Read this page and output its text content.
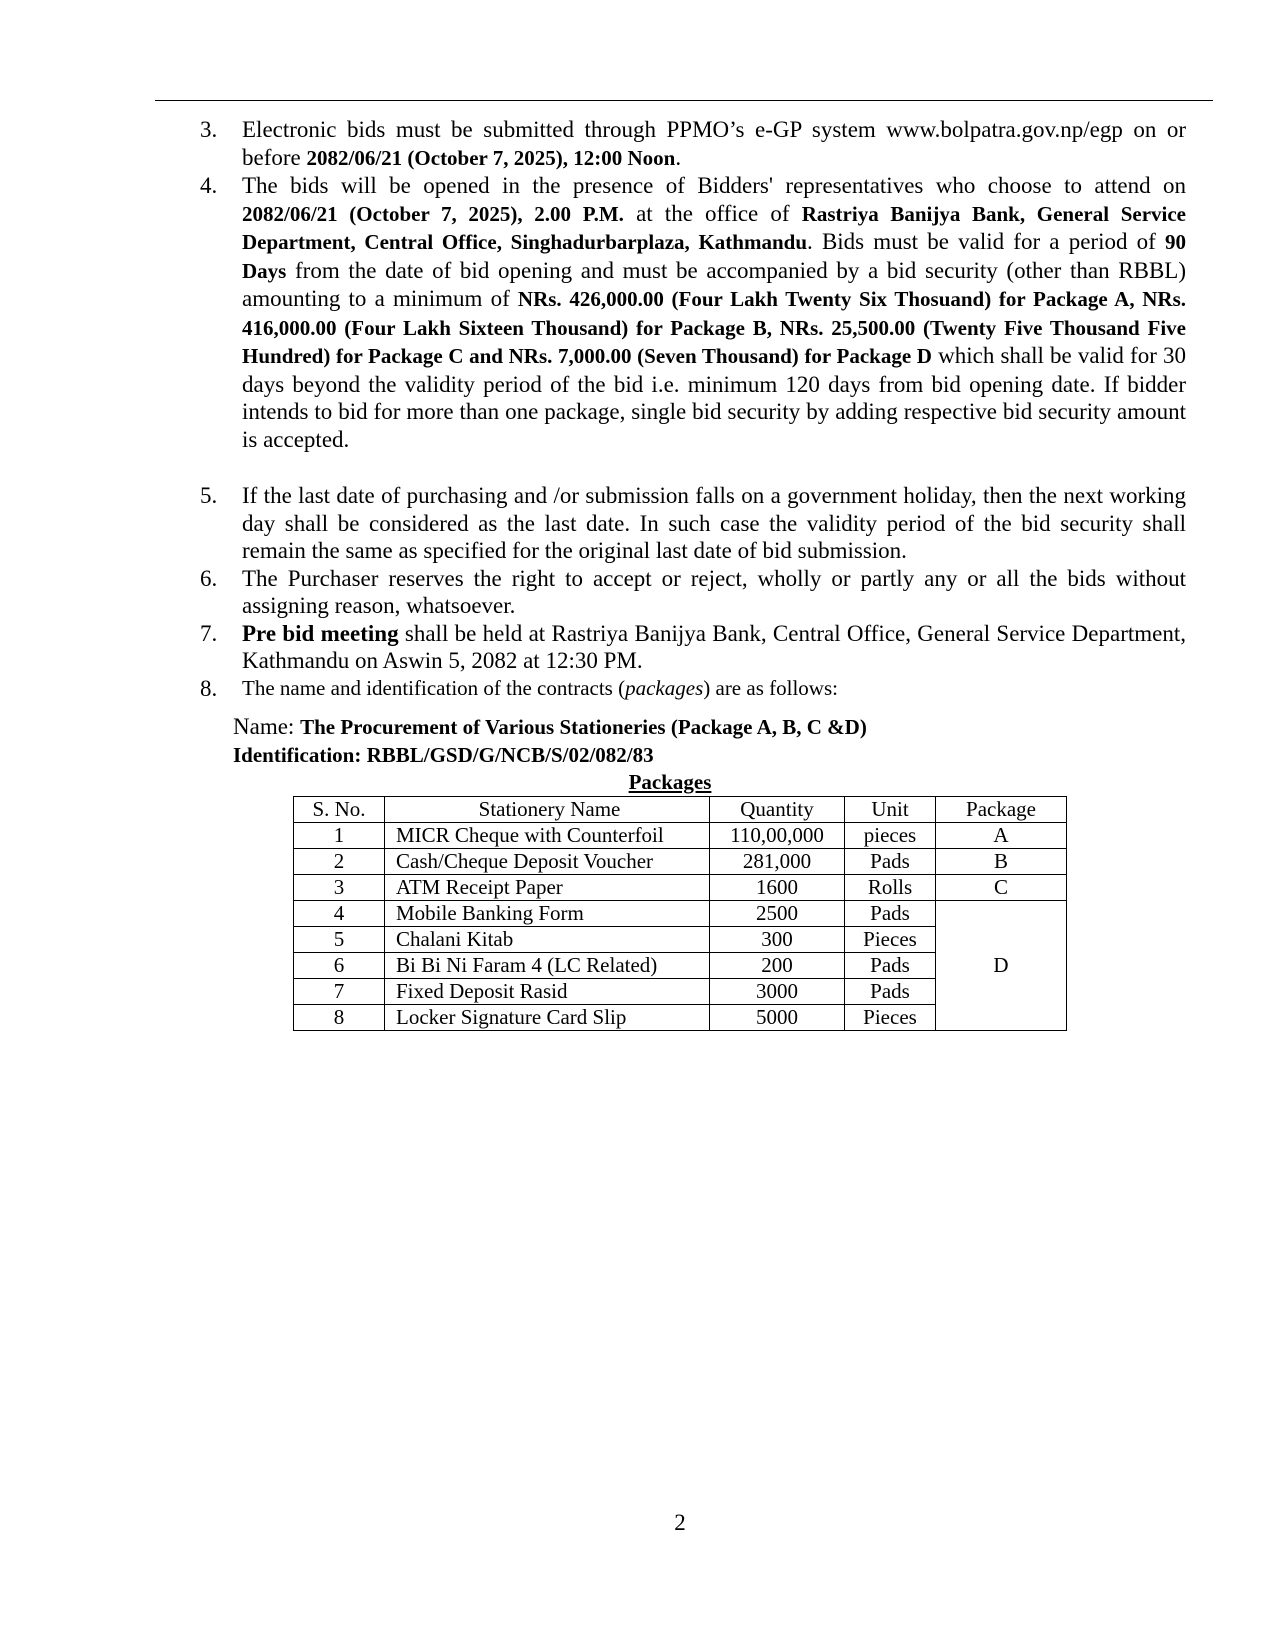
3.	Electronic bids must be submitted through PPMO’s e-GP system www.bolpatra.gov.np/egp on or before 2082/06/21 (October 7, 2025), 12:00 Noon.
4.	The bids will be opened in the presence of Bidders' representatives who choose to attend on 2082/06/21 (October 7, 2025), 2.00 P.M. at the office of Rastriya Banijya Bank, General Service Department, Central Office, Singhadurbarplaza, Kathmandu. Bids must be valid for a period of 90 Days from the date of bid opening and must be accompanied by a bid security (other than RBBL) amounting to a minimum of NRs. 426,000.00 (Four Lakh Twenty Six Thosuand) for Package A, NRs. 416,000.00 (Four Lakh Sixteen Thousand) for Package B, NRs. 25,500.00 (Twenty Five Thousand Five Hundred) for Package C and NRs. 7,000.00 (Seven Thousand) for Package D which shall be valid for 30 days beyond the validity period of the bid i.e. minimum 120 days from bid opening date. If bidder intends to bid for more than one package, single bid security by adding respective bid security amount is accepted.
5.	If the last date of purchasing and /or submission falls on a government holiday, then the next working day shall be considered as the last date. In such case the validity period of the bid security shall remain the same as specified for the original last date of bid submission.
6.	The Purchaser reserves the right to accept or reject, wholly or partly any or all the bids without assigning reason, whatsoever.
7.	Pre bid meeting shall be held at Rastriya Banijya Bank, Central Office, General Service Department, Kathmandu on Aswin 5, 2082 at 12:30 PM.
8.	The name and identification of the contracts (packages) are as follows:
Name: The Procurement of Various Stationeries (Package A, B, C &D)
Identification: RBBL/GSD/G/NCB/S/02/082/83
Packages
S. No.	Stationery Name	Quantity	Unit	Package
1	MICR Cheque with Counterfoil	110,00,000	pieces	A
2	Cash/Cheque Deposit Voucher	281,000	Pads	B
3	ATM Receipt Paper	1600	Rolls	C
4	Mobile Banking Form	2500	Pads	D
5	Chalani Kitab	300	Pieces	
6	Bi Bi Ni Faram 4 (LC Related)	200	Pads	
7	Fixed Deposit Rasid	3000	Pads	
8	Locker Signature Card Slip	5000	Pieces	
2
